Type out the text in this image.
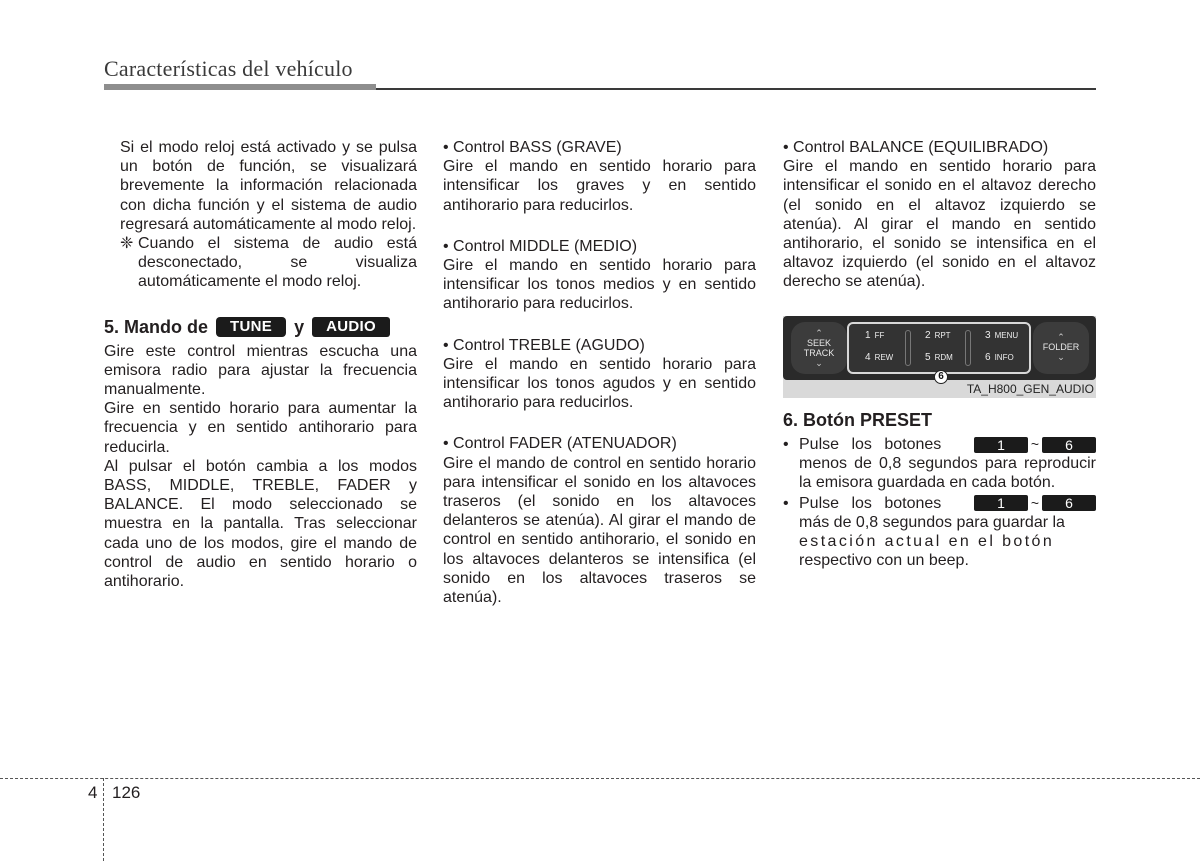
Características del vehículo

Si el modo reloj está activado y se pulsa un botón de función, se visualizará brevemente la información relacionada con dicha función y el sistema de audio regresará automáticamente al modo reloj.

❈ Cuando el sistema de audio está desconectado, se visualiza automáticamente el modo reloj.
5. Mando de	TUNE	y	AUDIO

Gire este control mientras escucha una emisora radio para ajustar la frecuencia manualmente.

Gire en sentido horario para aumentar la frecuencia y en sentido antihorario para reducirla.

Al pulsar el botón cambia a los modos BASS, MIDDLE, TREBLE, FADER y BALANCE. El modo seleccionado se muestra en la pantalla. Tras seleccionar cada uno de los modos, gire el mando de control de audio en sentido horario o antihorario.

• Control BASS (GRAVE)

Gire el mando en sentido horario para intensificar los graves y en sentido antihorario para reducirlos.

• Control MIDDLE (MEDIO)

Gire el mando en sentido horario para intensificar los tonos medios y en sentido antihorario para reducirlos.

• Control TREBLE (AGUDO)

Gire el mando en sentido horario para intensificar los tonos agudos y en sentido antihorario para reducirlos.

• Control FADER (ATENUADOR)

Gire el mando de control en sentido horario para intensificar el sonido en los altavoces traseros (el sonido en los altavoces delanteros se atenúa). Al girar el mando de control en sentido antihorario, el sonido en los altavoces delanteros se intensifica (el sonido en los altavoces traseros se atenúa).

• Control BALANCE (EQUILIBRADO)

Gire el mando en sentido horario para intensificar el sonido en el altavoz derecho (el sonido en el altavoz izquierdo se atenúa). Al girar el mando en sentido antihorario, el sonido se intensifica en el altavoz izquierdo (el sonido en el altavoz derecho se atenúa).

⌃
SEEK
TRACK
⌄
1 FF	2 RPT	3 MENU
4 REW	5 RDM	6 INFO
⌃
FOLDER
⌄
6
TA_H800_GEN_AUDIO
6. Botón PRESET
• Pulse los botones	1	~	6
menos de 0,8 segundos para reproducir la emisora guardada en cada botón.
• Pulse los botones	1	~	6
más de 0,8 segundos para guardar la
estación actual en el botón
respectivo con un beep.
4 126
